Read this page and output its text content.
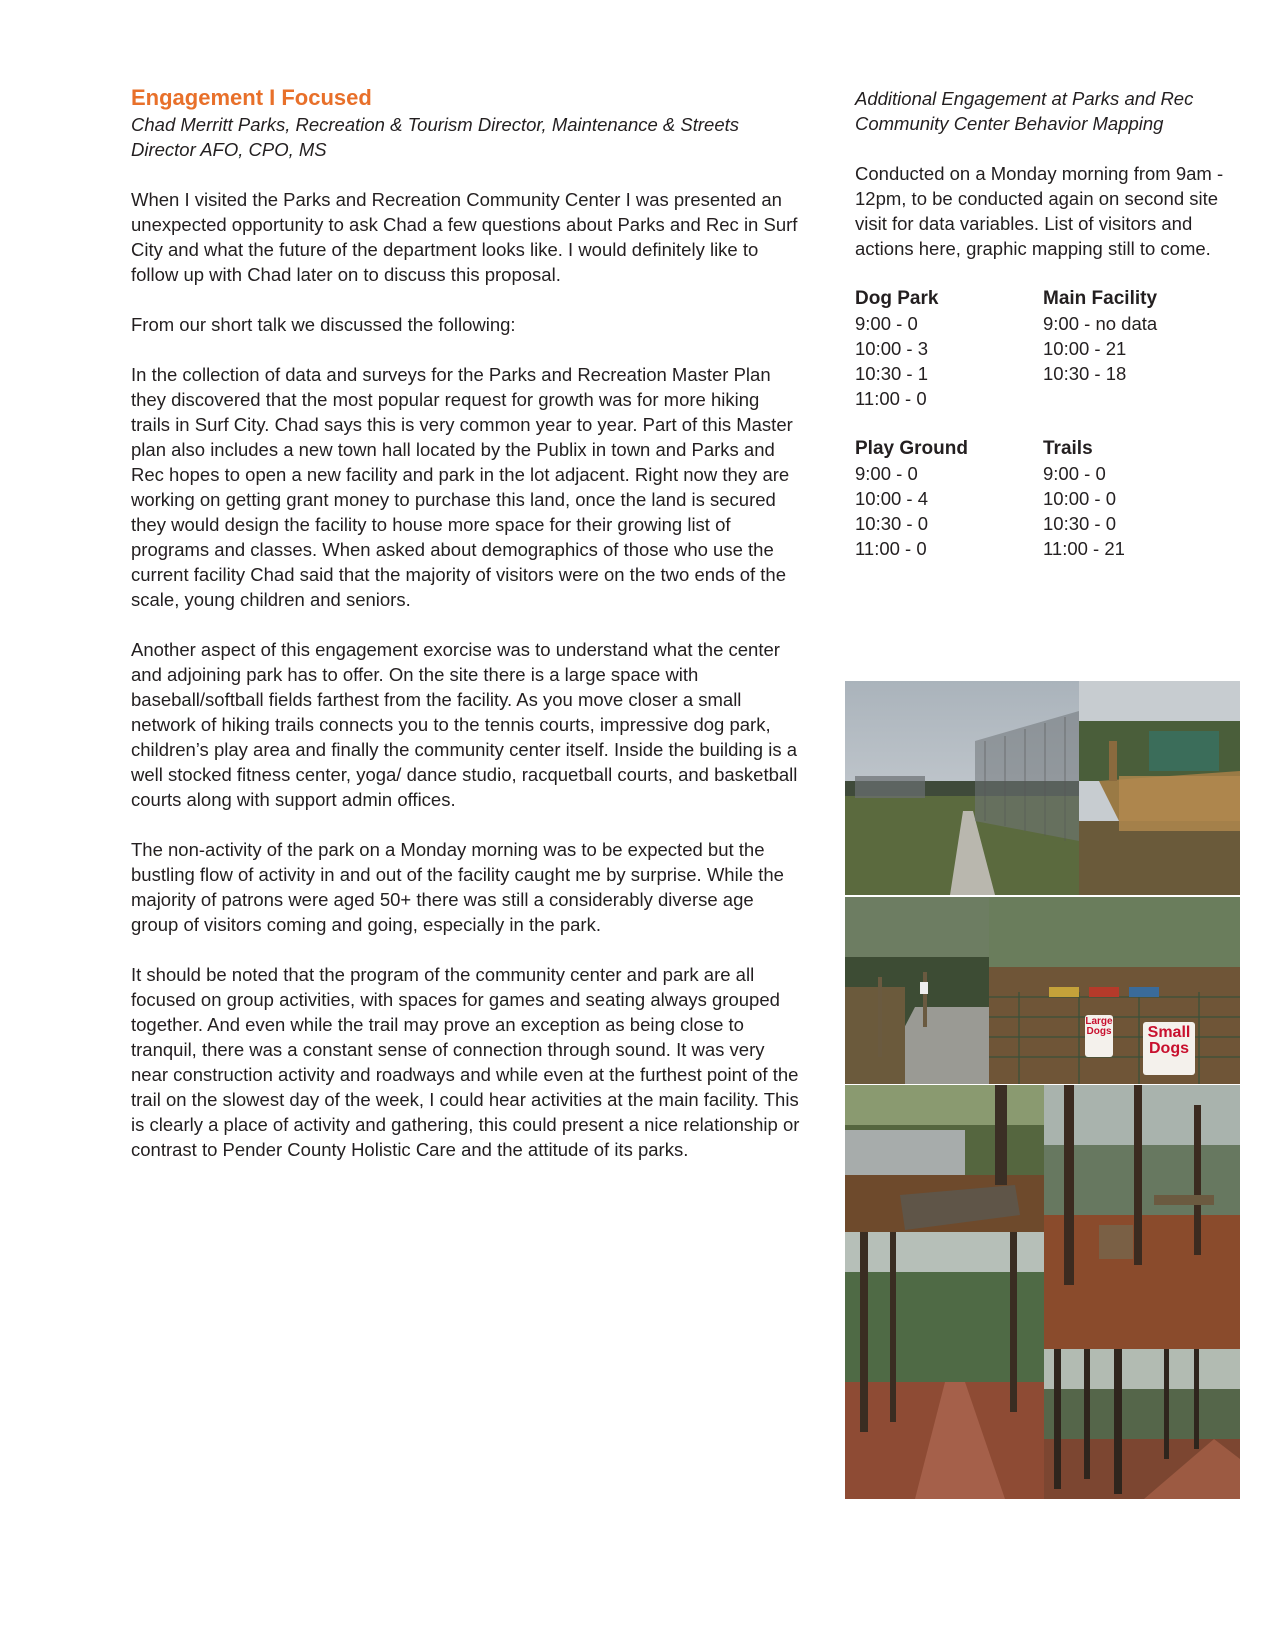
Engagement I Focused

Chad Merritt Parks, Recreation & Tourism Director, Maintenance & Streets Director AFO, CPO, MS

When I visited the Parks and Recreation Community Center I was presented an unexpected opportunity to ask Chad a few questions about Parks and Rec in Surf City and what the future of the department looks like. I would definitely like to follow up with Chad later on to discuss this proposal.

From our short talk we discussed the following:

In the collection of data and surveys for the Parks and Recreation Master Plan they discovered that the most popular request for growth was for more hiking trails in Surf City. Chad says this is very common year to year. Part of this Master plan also includes a new town hall located by the Publix in town and Parks and Rec hopes to open a new facility and park in the lot adjacent. Right now they are working on getting grant money to purchase this land, once the land is secured they would design the facility to house more space for their growing list of programs and classes. When asked about demographics of those who use the current facility Chad said that the majority of visitors were on the two ends of the scale, young children and seniors.

Another aspect of this engagement exorcise was to understand what the center and adjoining park has to offer. On the site there is a large space with baseball/softball fields farthest from the facility. As you move closer a small network of hiking trails connects you to the tennis courts, impressive dog park, children’s play area and finally the community center itself. Inside the building is a well stocked fitness center, yoga/ dance studio, racquetball courts, and basketball courts along with support admin offices.

The non-activity of the park on a Monday morning was to be expected but the bustling flow of activity in and out of the facility caught me by surprise. While the majority of patrons were aged 50+ there was still a considerably diverse age group of visitors coming and going, especially in the park.

It should be noted that the program of the community center and park are all focused on group activities, with spaces for games and seating always grouped together. And even while the trail may prove an exception as being close to tranquil, there was a constant sense of connection through sound. It was very near construction activity and roadways and while even at the furthest point of the trail on the slowest day of the week, I could hear activities at the main facility. This is clearly a place of activity and gathering, this could present a nice relationship or contrast to Pender County Holistic Care and the attitude of its parks.

Additional Engagement at Parks and Rec Community Center Behavior Mapping

Conducted on a Monday morning from 9am - 12pm, to be conducted again on second site visit for data variables. List of visitors and actions here, graphic mapping still to come.

Dog Park
9:00 - 0
10:00 - 3
10:30 - 1
11:00 - 0
Main Facility
9:00 - no data
10:00 - 21
10:30 - 18
Play Ground
9:00 - 0
10:00 - 4
10:30 - 0
11:00 - 0
Trails
9:00 - 0
10:00 - 0
10:30 - 0
11:00 - 21
Large Dogs Small Dogs
